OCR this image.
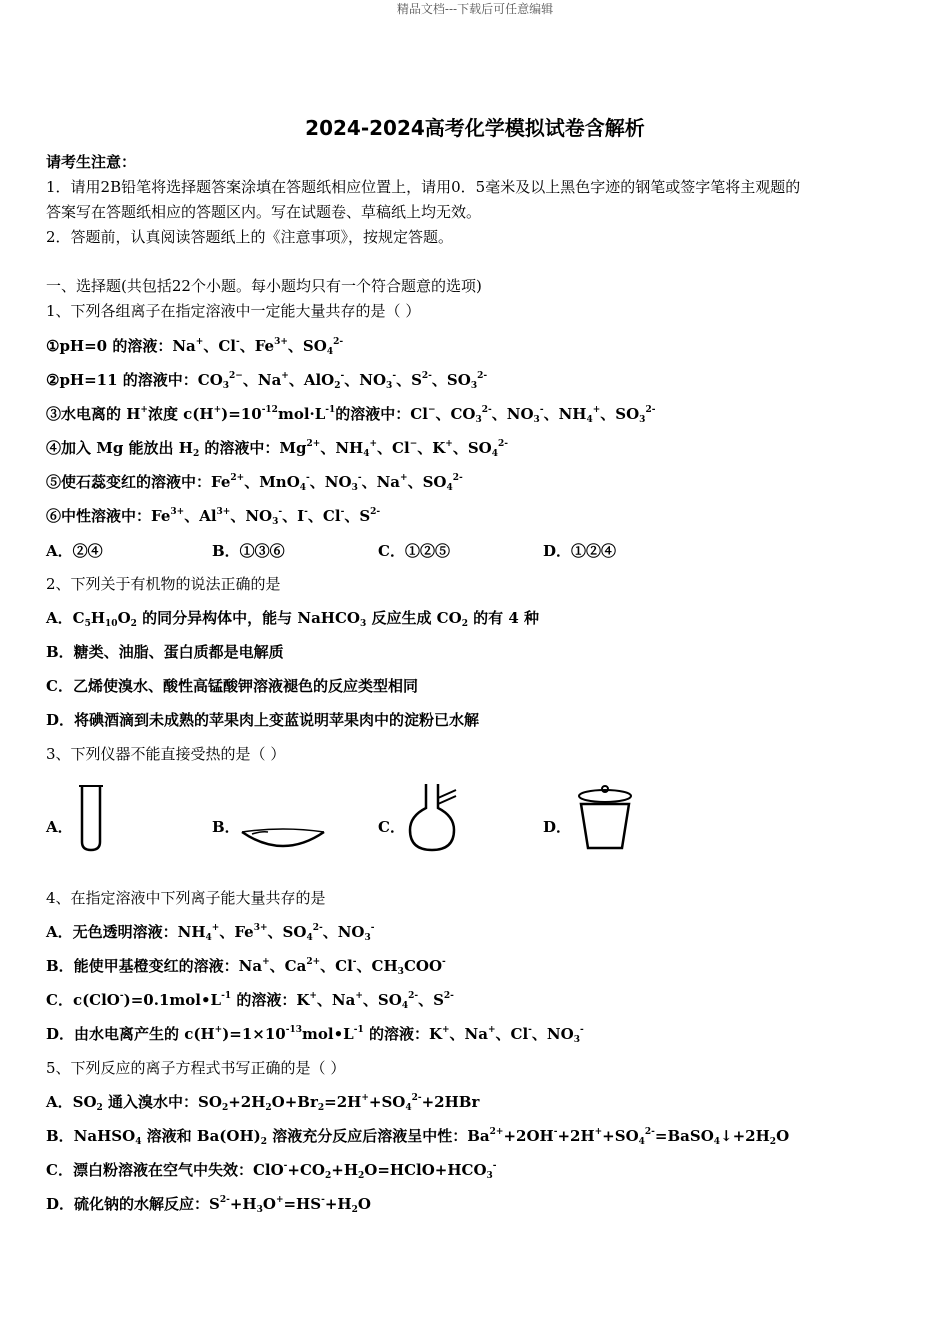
精品文档---下载后可任意编辑
2024-2024高考化学模拟试卷含解析
请考生注意：
1．请用2B铅笔将选择题答案涂填在答题纸相应位置上，请用0．5毫米及以上黑色字迹的钢笔或签字笔将主观题的
答案写在答题纸相应的答题区内。写在试题卷、草稿纸上均无效。
2．答题前，认真阅读答题纸上的《注意事项》，按规定答题。
一、选择题(共包括22个小题。每小题均只有一个符合题意的选项)
1、下列各组离子在指定溶液中一定能大量共存的是（ ）
①pH=0 的溶液：Na+、Cl-、$Fe^{3+}$、$SO_4^{2-}$
②pH=11 的溶液中：$CO_3^{2-}$、Na+、AlO$_2$-、$NO_3^-$、$S^{2-}$、$SO_3^{2-}$
③水电离的 H+浓度 $c(H^+)=10^{-12}mol\cdot L^{-1}$的溶液中：Cl−、$CO_3^{2-}$、$NO_3^-$、$NH_4^+$、$SO_3^{2-}$
④加入 Mg 能放出 $H_2$ 的溶液中：$Mg^{2+}$、$NH_4^+$、Cl−、K+、$SO_4^{2-}$
⑤使石蕊变红的溶液中：$Fe^{2+}$、MnO$_4$-、$NO_3^-$、Na+、$SO_4^{2-}$
⑥中性溶液中：$Fe^{3+}$、$Al^{3+}$、$NO_3^-$、I-、Cl-、$S^{2-}$
A．②④	B．①③⑥	C．①②⑤	D．①②④
2、下列关于有机物的说法正确的是
A．$C_5H_{10}O_2$ 的同分异构体中，能与 NaHCO$_3$ 反应生成 $CO_2$ 的有 4 种
B．糖类、油脂、蛋白质都是电解质
C．乙烯使溴水、酸性高锰酸钾溶液褪色的反应类型相同
D．将碘酒滴到未成熟的苹果肉上变蓝说明苹果肉中的淀粉已水解
3、下列仪器不能直接受热的是（ ）
A．	B．	C．	D．
4、在指定溶液中下列离子能大量共存的是
A．无色透明溶液：$NH_4^+$、$Fe^{3+}$、$SO_4^{2-}$、$NO_3^-$
B．能使甲基橙变红的溶液：Na+、$Ca^{2+}$、Cl-、$CH_3COO^-$
C．$c(ClO^-)=0.1mol•L^{-1}$ 的溶液：K+、Na+、$SO_4^{2-}$、$S^{2-}$
D．由水电离产生的 $c(H^+)=1\times 10^{-13}mol•L^{-1}$ 的溶液：K+、Na+、Cl-、$NO_3^-$
5、下列反应的离子方程式书写正确的是（ ）
A．$SO_2$ 通入溴水中：$SO_2+2H_2O+Br_2=2H^++SO_4^{2-}+2HBr$
B．NaHSO$_4$ 溶液和 $Ba(OH)_2$ 溶液充分反应后溶液呈中性：$Ba^{2+}+2OH^-+2H^++SO_4^{2-}=BaSO_4↓+2H_2O$
C．漂白粉溶液在空气中失效：$ClO^-+CO_2+H_2O=HClO+HCO_3^-$
D．硫化钠的水解反应：$S^{2-}+H_3O^+=HS^-+H_2O$
